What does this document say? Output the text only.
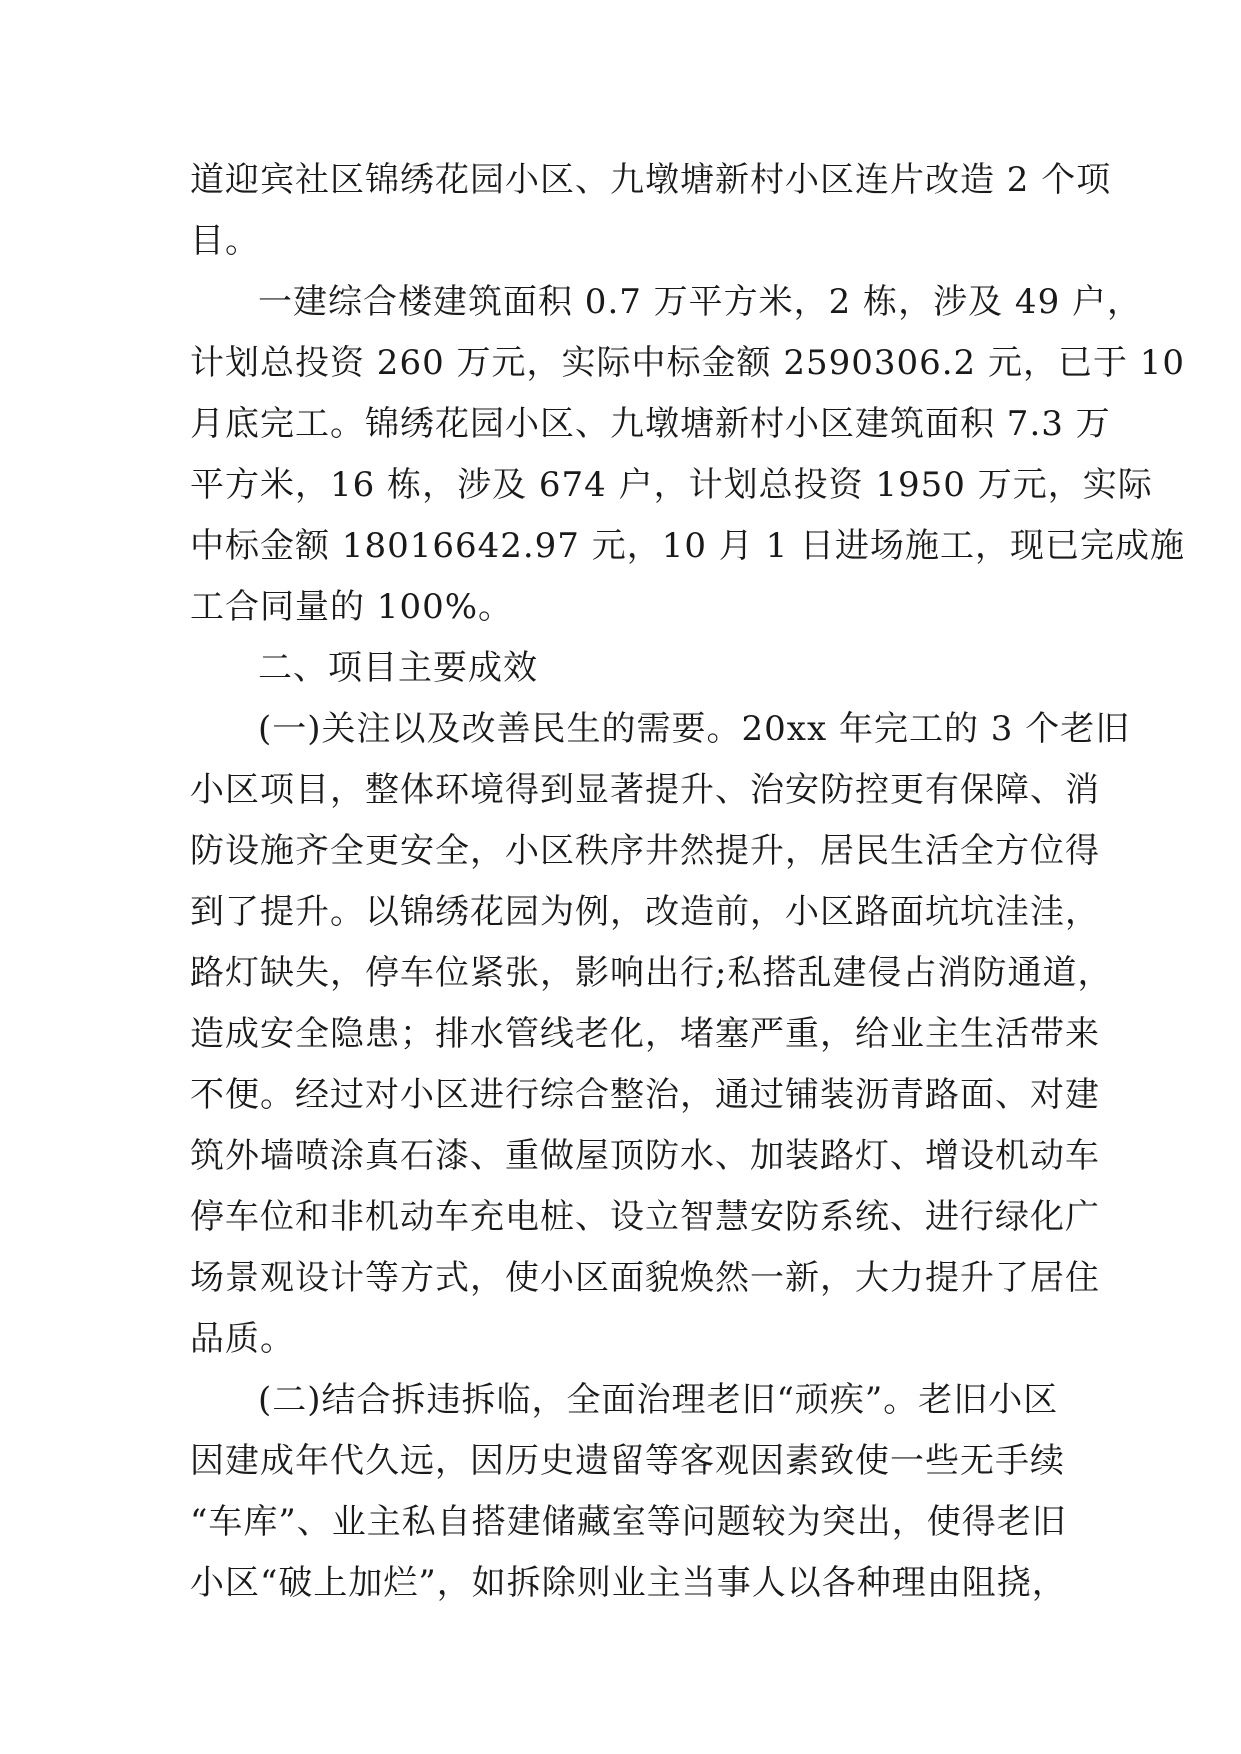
道迎宾社区锦绣花园小区、九墩塘新村小区连片改造 2 个项

目。

一建综合楼建筑面积 0.7 万平方米，2 栋，涉及 49 户，

计划总投资 260 万元，实际中标金额 2590306.2 元，已于 10

月底完工。锦绣花园小区、九墩塘新村小区建筑面积 7.3 万

平方米，16 栋，涉及 674 户，计划总投资 1950 万元，实际

中标金额 18016642.97 元，10 月 1 日进场施工，现已完成施

工合同量的 100%。

二、项目主要成效

(一)关注以及改善民生的需要。20xx 年完工的 3 个老旧

小区项目，整体环境得到显著提升、治安防控更有保障、消

防设施齐全更安全，小区秩序井然提升，居民生活全方位得

到了提升。以锦绣花园为例，改造前，小区路面坑坑洼洼，

路灯缺失，停车位紧张，影响出行;私搭乱建侵占消防通道，

造成安全隐患；排水管线老化，堵塞严重，给业主生活带来

不便。经过对小区进行综合整治，通过铺装沥青路面、对建

筑外墙喷涂真石漆、重做屋顶防水、加装路灯、增设机动车

停车位和非机动车充电桩、设立智慧安防系统、进行绿化广

场景观设计等方式，使小区面貌焕然一新，大力提升了居住

品质。

(二)结合拆违拆临，全面治理老旧“顽疾”。老旧小区

因建成年代久远，因历史遗留等客观因素致使一些无手续

“车库”、业主私自搭建储藏室等问题较为突出，使得老旧

小区“破上加烂”，如拆除则业主当事人以各种理由阻挠，
